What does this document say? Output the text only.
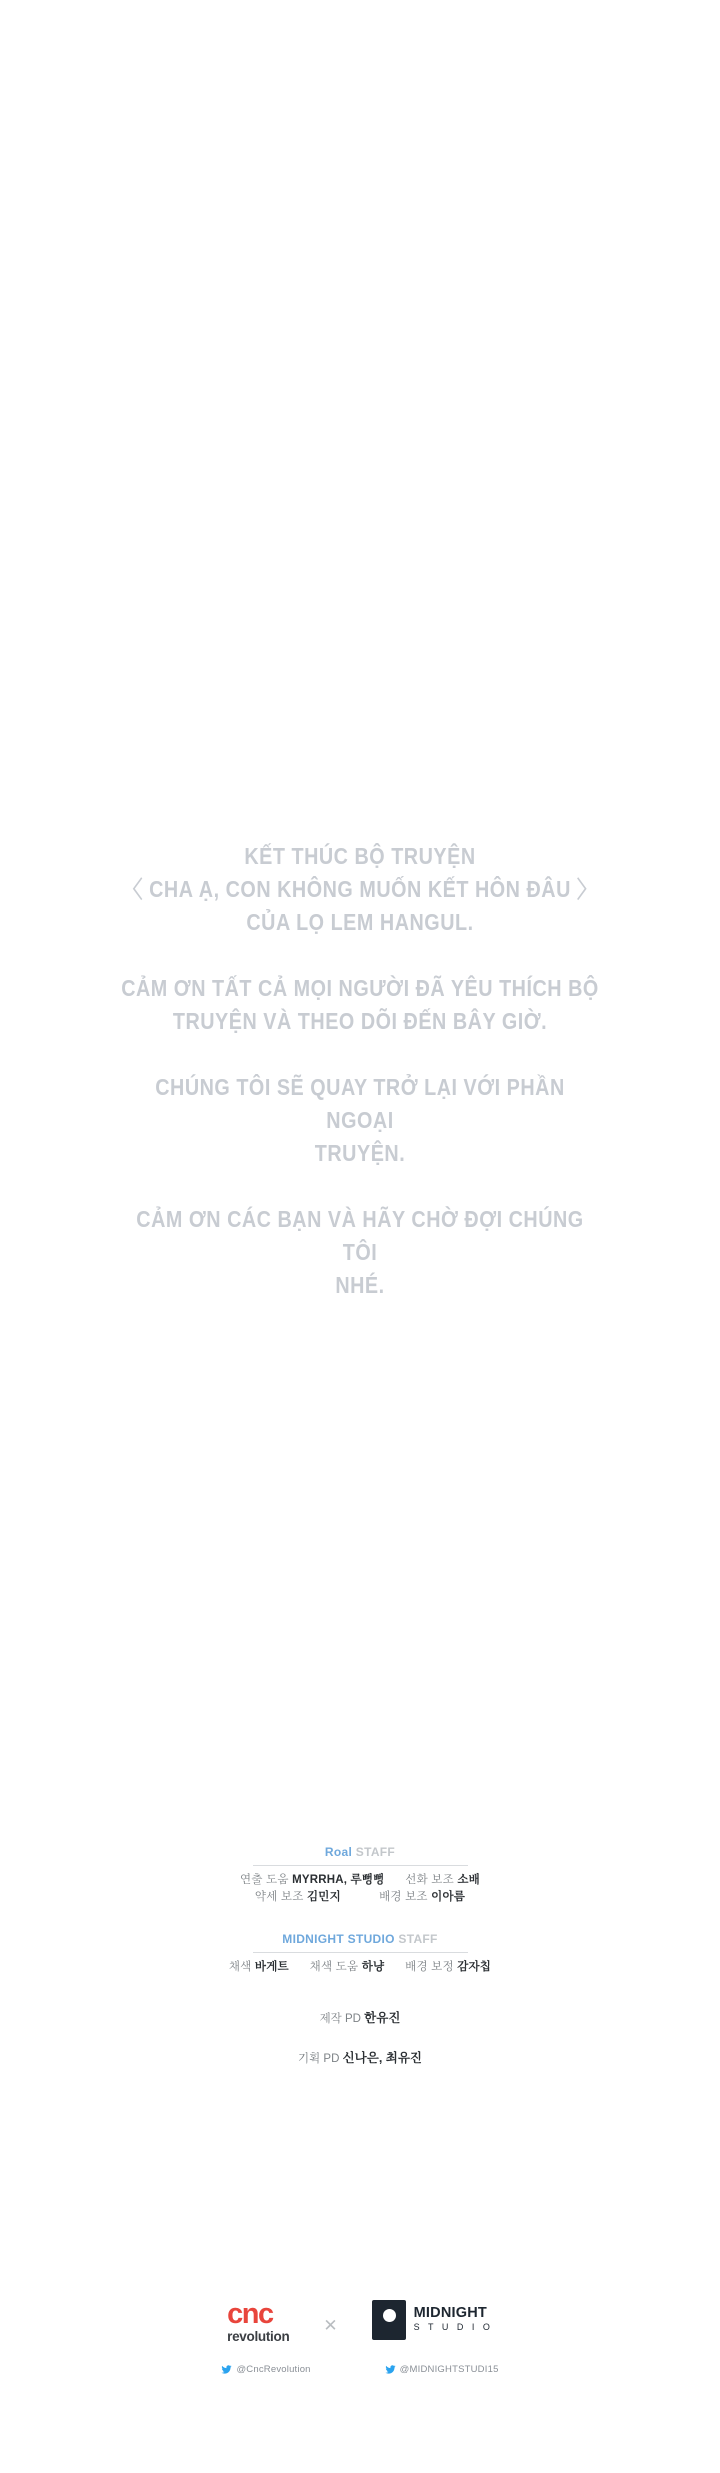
KẾT THÚC BỘ TRUYỆN

〈 CHA Ạ, CON KHÔNG MUỐN KẾT HÔN ĐÂU 〉

CỦA LỌ LEM HANGUL.

CẢM ƠN TẤT CẢ MỌI NGƯỜI ĐÃ YÊU THÍCH BỘ

TRUYỆN VÀ THEO DÕI ĐẾN BÂY GIỜ.

CHÚNG TÔI SẼ QUAY TRỞ LẠI VỚI PHẦN NGOẠI

TRUYỆN.

CẢM ƠN CÁC BẠN VÀ HÃY CHỜ ĐỢI CHÚNG TÔI

NHÉ.

Roal STAFF
연출 도움 MYRRHA, 루뻥뻥 선화 보조 소배
약세 보조 김민지	배경 보조 이아름
MIDNIGHT STUDIO STAFF
채색 바게트 채색 도움 하냥 배경 보정 감자칩
제작 PD 한유진
기획 PD 신나은, 최유진
cnc
revolution
✕
MIDNIGHT
S T U D I O
@CncRevolution	@MIDNIGHTSTUDI15
